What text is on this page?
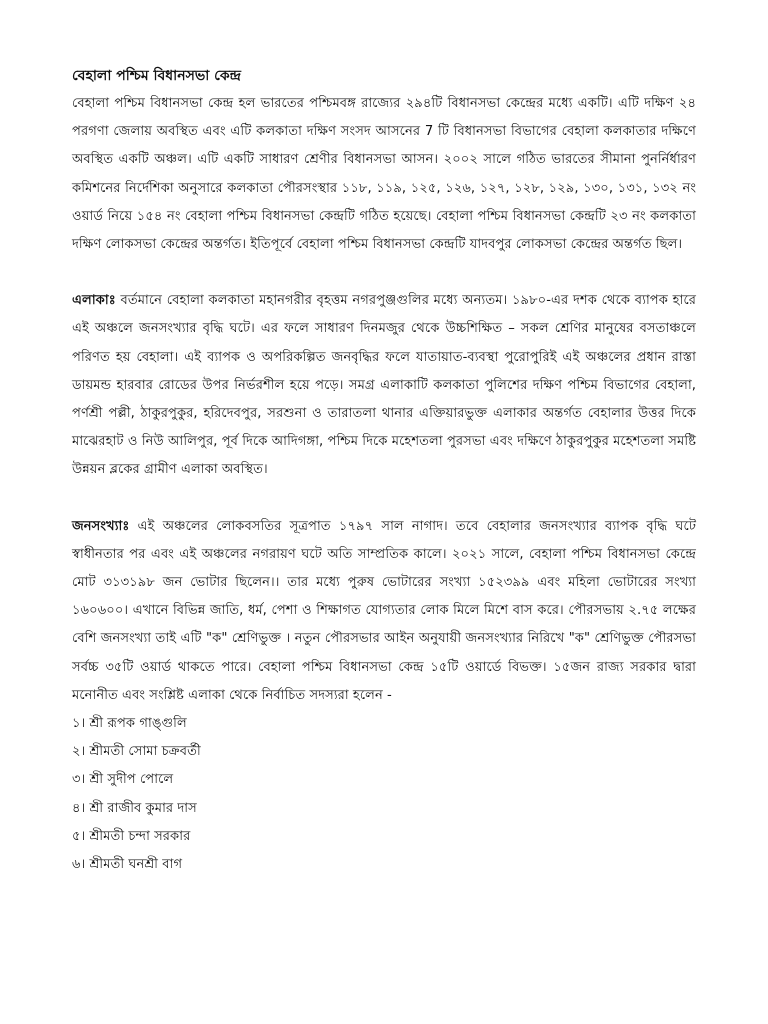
বেহালা পশ্চিম বিধানসভা কেন্দ্র

বেহালা পশ্চিম বিধানসভা কেন্দ্র হল ভারতের পশ্চিমবঙ্গ রাজ্যের ২৯৪টি বিধানসভা কেন্দ্রের মধ্যে একটি। এটি দক্ষিণ ২৪ পরগণা জেলায় অবস্থিত এবং এটি কলকাতা দক্ষিণ সংসদ আসনের 7 টি বিধানসভা বিভাগের বেহালা কলকাতার দক্ষিণে অবস্থিত একটি অঞ্চল। এটি একটি সাধারণ শ্রেণীর বিধানসভা আসন। ২০০২ সালে গঠিত ভারতের সীমানা পুনর্নির্ধারণ কমিশনের নির্দেশিকা অনুসারে কলকাতা পৌরসংস্থার ১১৮, ১১৯, ১২৫, ১২৬, ১২৭, ১২৮, ১২৯, ১৩০, ১৩১, ১৩২ নং ওয়ার্ড নিয়ে ১৫৪ নং বেহালা পশ্চিম বিধানসভা কেন্দ্রটি গঠিত হয়েছে। বেহালা পশ্চিম বিধানসভা কেন্দ্রটি ২৩ নং কলকাতা দক্ষিণ লোকসভা কেন্দ্রের অন্তর্গত। ইতিপূর্বে বেহালা পশ্চিম বিধানসভা কেন্দ্রটি যাদবপুর লোকসভা কেন্দ্রের অন্তর্গত ছিল।

এলাকাঃ বর্তমানে বেহালা কলকাতা মহানগরীর বৃহত্তম নগরপুঞ্জগুলির মধ্যে অন্যতম। ১৯৮০-এর দশক থেকে ব্যাপক হারে এই অঞ্চলে জনসংখ্যার বৃদ্ধি ঘটে। এর ফলে সাধারণ দিনমজুর থেকে উচ্চশিক্ষিত – সকল শ্রেণির মানুষের বসতাঞ্চলে পরিণত হয় বেহালা। এই ব্যাপক ও অপরিকল্পিত জনবৃদ্ধির ফলে যাতায়াত-ব্যবস্থা পুরোপুরিই এই অঞ্চলের প্রধান রাস্তা ডায়মন্ড হারবার রোডের উপর নির্ভরশীল হয়ে পড়ে। সমগ্র এলাকাটি কলকাতা পুলিশের দক্ষিণ পশ্চিম বিভাগের বেহালা, পর্ণশ্রী পল্লী, ঠাকুরপুকুর, হরিদেবপুর, সরশুনা ও তারাতলা থানার এক্তিয়ারভুক্ত এলাকার অন্তর্গত বেহালার উত্তর দিকে মাঝেরহাট ও নিউ আলিপুর, পূর্ব দিকে আদিগঙ্গা, পশ্চিম দিকে মহেশতলা পুরসভা এবং দক্ষিণে ঠাকুরপুকুর মহেশতলা সমষ্টি উন্নয়ন ব্লকের গ্রামীণ এলাকা অবস্থিত।

জনসংখ্যাঃ এই অঞ্চলের লোকবসতির সূত্রপাত ১৭৯৭ সাল নাগাদ। তবে বেহালার জনসংখ্যার ব্যাপক বৃদ্ধি ঘটে স্বাধীনতার পর এবং এই অঞ্চলের নগরায়ণ ঘটে অতি সাম্প্রতিক কালে। ২০২১ সালে, বেহালা পশ্চিম বিধানসভা কেন্দ্রে মোট ৩১৩১৯৮ জন ভোটার ছিলেন।। তার মধ্যে পুরুষ ভোটারের সংখ্যা ১৫২৩৯৯ এবং মহিলা ভোটারের সংখ্যা ১৬০৬০০। এখানে বিভিন্ন জাতি, ধর্ম, পেশা ও শিক্ষাগত যোগ্যতার লোক মিলে মিশে বাস করে। পৌরসভায় ২.৭৫ লক্ষের বেশি জনসংখ্যা তাই এটি "ক" শ্রেণিভুক্ত । নতুন পৌরসভার আইন অনুযায়ী জনসংখ্যার নিরিখে "ক" শ্রেণিভুক্ত পৌরসভা সর্বচ্চ ৩৫টি ওয়ার্ড থাকতে পারে। বেহালা পশ্চিম বিধানসভা কেন্দ্র ১৫টি ওয়ার্ডে বিভক্ত। ১৫জন রাজ্য সরকার দ্বারা মনোনীত এবং সংশ্লিষ্ট এলাকা থেকে নির্বাচিত সদস্যরা হলেন -

১। শ্রী রূপক গাঙ্গুলি
২। শ্রীমতী সোমা চক্রবর্তী
৩। শ্রী সুদীপ পোলে
৪। শ্রী রাজীব কুমার দাস
৫। শ্রীমতী চন্দা সরকার
৬। শ্রীমতী ঘনশ্রী বাগ
